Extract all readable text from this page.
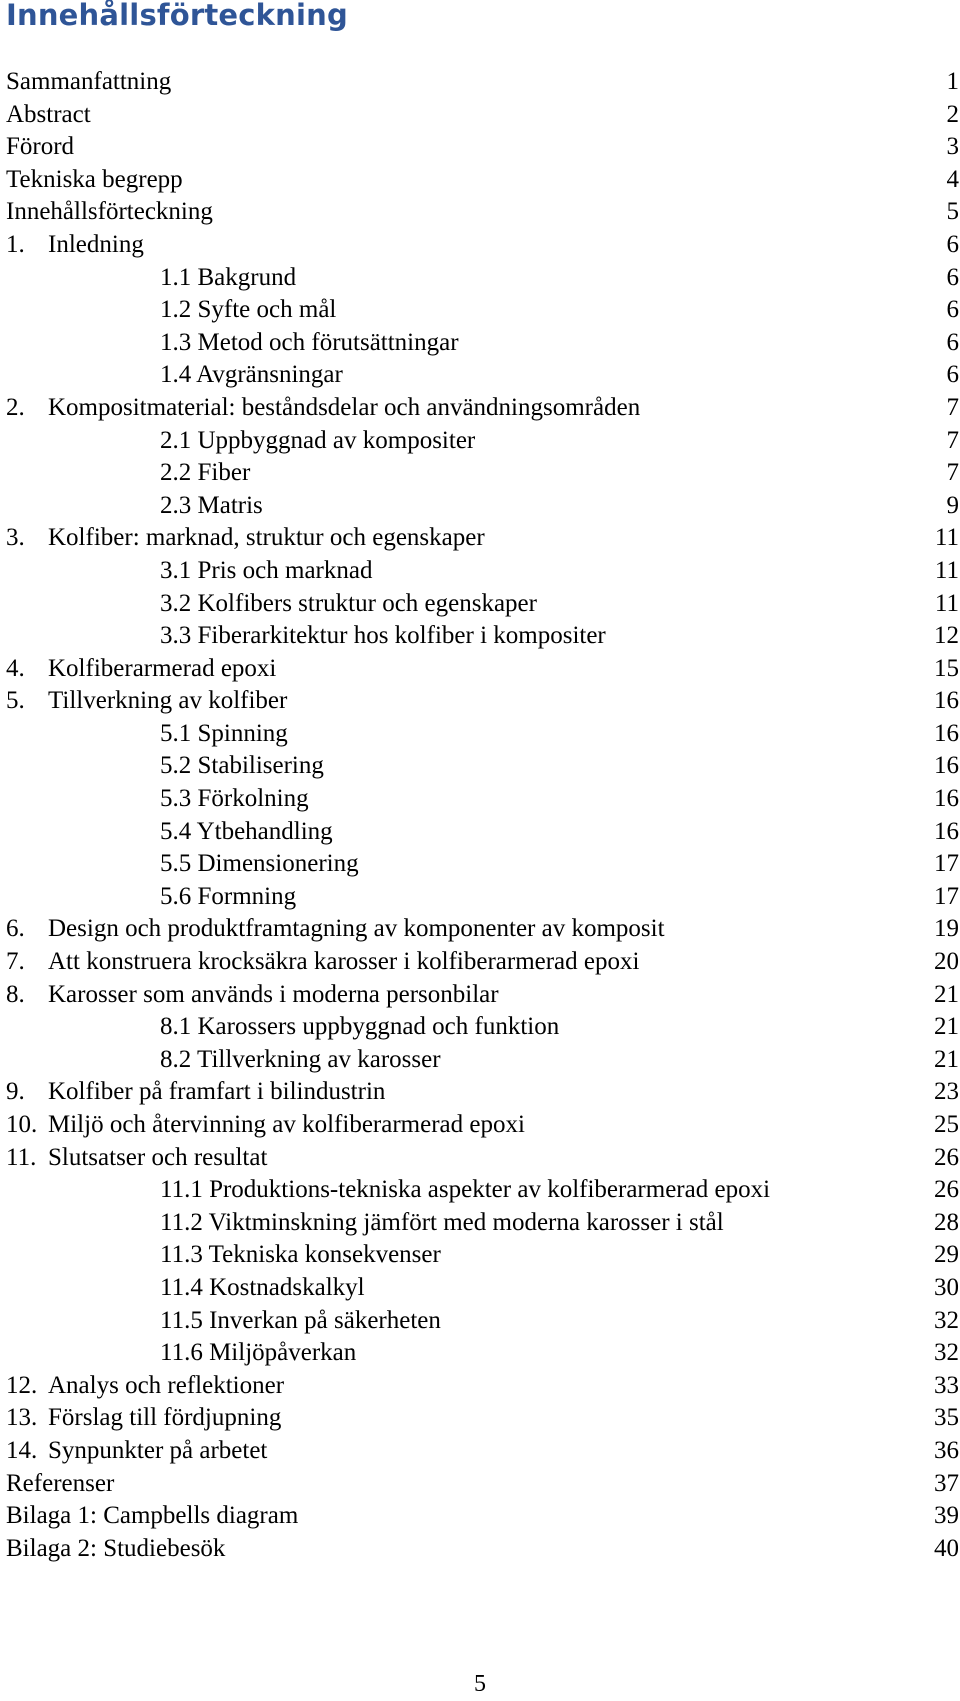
Innehållsförteckning
Sammanfattning	1
Abstract	2
Förord	3
Tekniska begrepp	4
Innehållsförteckning	5
1. Inledning	6
1.1 Bakgrund	6
1.2 Syfte och mål	6
1.3 Metod och förutsättningar	6
1.4 Avgränsningar	6
2. Kompositmaterial: beståndsdelar och användningsområden	7
2.1 Uppbyggnad av kompositer	7
2.2 Fiber	7
2.3 Matris	9
3. Kolfiber: marknad, struktur och egenskaper	11
3.1 Pris och marknad	11
3.2 Kolfibers struktur och egenskaper	11
3.3 Fiberarkitektur hos kolfiber i kompositer	12
4. Kolfiberarmerad epoxi	15
5. Tillverkning av kolfiber	16
5.1 Spinning	16
5.2 Stabilisering	16
5.3 Förkolning	16
5.4 Ytbehandling	16
5.5 Dimensionering	17
5.6 Formning	17
6. Design och produktframtagning av komponenter av komposit	19
7. Att konstruera krocksäkra karosser i kolfiberarmerad epoxi	20
8. Karosser som används i moderna personbilar	21
8.1 Karossers uppbyggnad och funktion	21
8.2 Tillverkning av karosser	21
9. Kolfiber på framfart i bilindustrin	23
10. Miljö och återvinning av kolfiberarmerad epoxi	25
11. Slutsatser och resultat	26
11.1 Produktions-tekniska aspekter av kolfiberarmerad epoxi	26
11.2 Viktminskning jämfört med moderna karosser i stål	28
11.3 Tekniska konsekvenser	29
11.4 Kostnadskalkyl	30
11.5 Inverkan på säkerheten	32
11.6 Miljöpåverkan	32
12. Analys och reflektioner	33
13. Förslag till fördjupning	35
14. Synpunkter på arbetet	36
Referenser	37
Bilaga 1: Campbells diagram	39
Bilaga 2: Studiebesök	40
5
